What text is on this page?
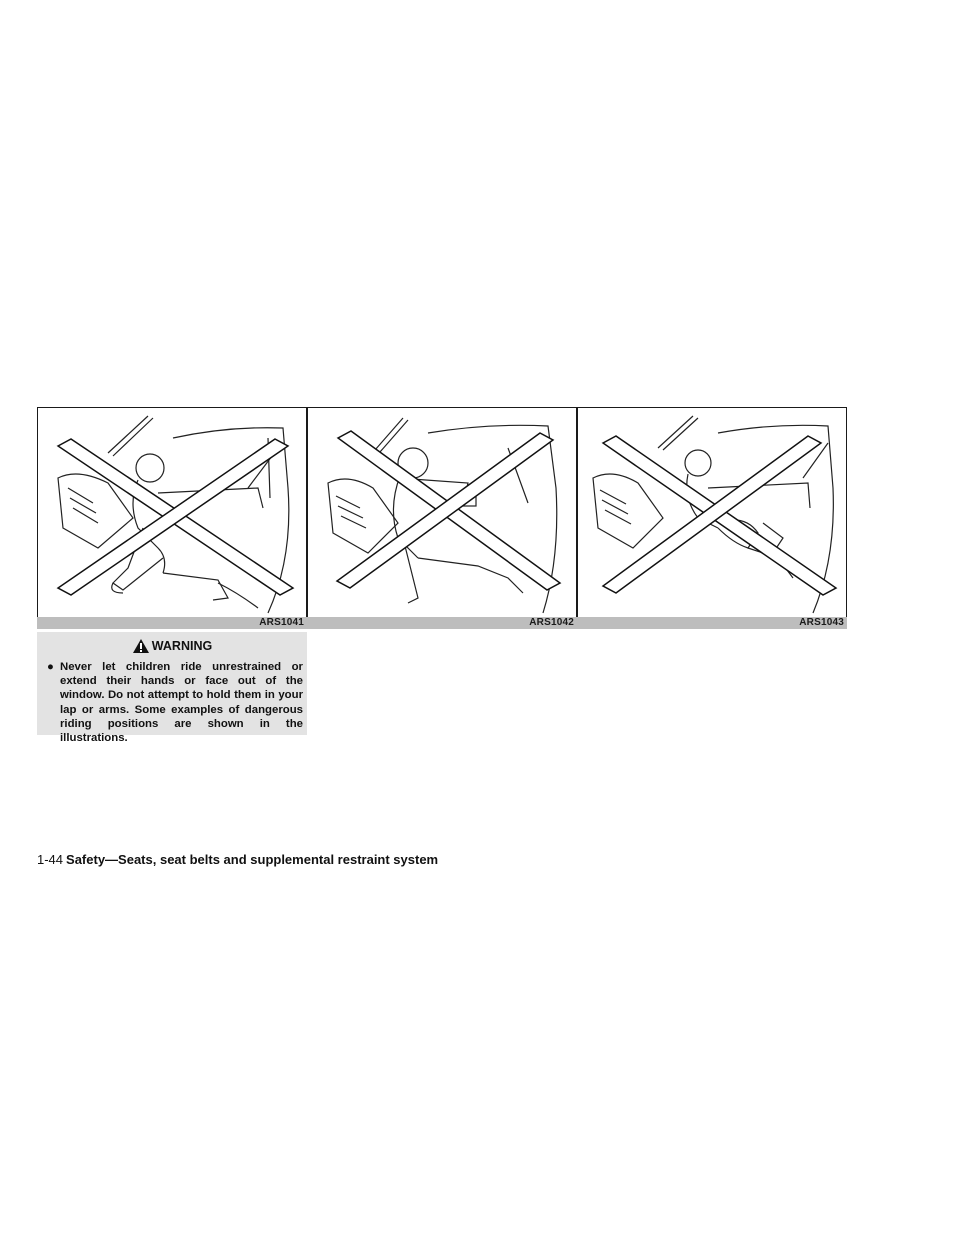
ARS1041	ARS1042	ARS1043
WARNING
● Never let children ride unrestrained or extend their hands or face out of the window. Do not attempt to hold them in your lap or arms. Some examples of dangerous riding positions are shown in the illustrations.
1-44 Safety—Seats, seat belts and supplemental restraint system
